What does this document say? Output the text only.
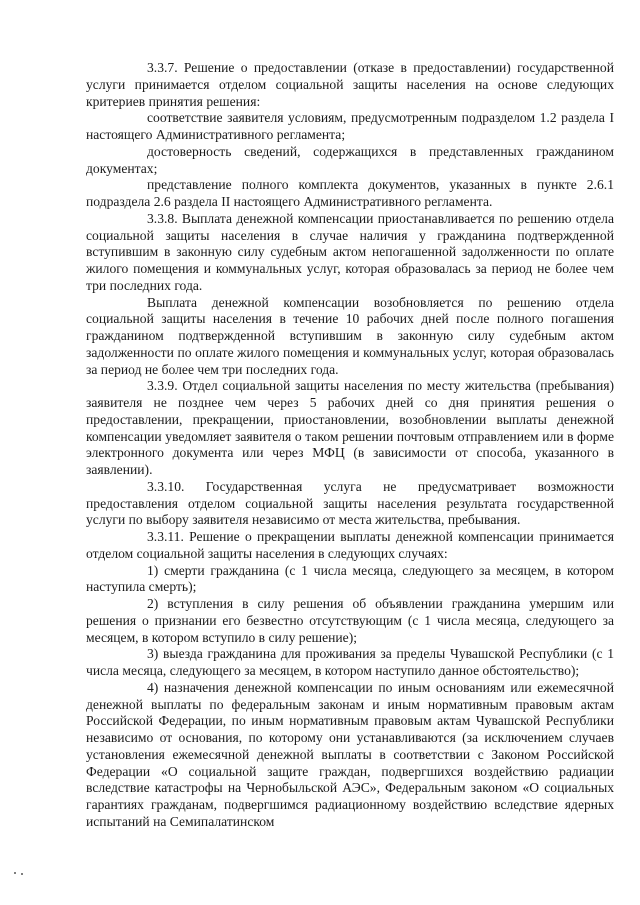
3.3.7. Решение о предоставлении (отказе в предоставлении) государственной услуги принимается отделом социальной защиты населения на основе следующих критериев принятия решения:

соответствие заявителя условиям, предусмотренным подразделом 1.2 раздела I настоящего Административного регламента;

достоверность сведений, содержащихся в представленных гражданином документах;

представление полного комплекта документов, указанных в пункте 2.6.1 подраздела 2.6 раздела II настоящего Административного регламента.

3.3.8. Выплата денежной компенсации приостанавливается по решению отдела социальной защиты населения в случае наличия у гражданина подтвержденной вступившим в законную силу судебным актом непогашенной задолженности по оплате жилого помещения и коммунальных услуг, которая образовалась за период не более чем три последних года.

Выплата денежной компенсации возобновляется по решению отдела социальной защиты населения в течение 10 рабочих дней после полного погашения гражданином подтвержденной вступившим в законную силу судебным актом задолженности по оплате жилого помещения и коммунальных услуг, которая образовалась за период не более чем три последних года.

3.3.9. Отдел социальной защиты населения по месту жительства (пребывания) заявителя не позднее чем через 5 рабочих дней со дня принятия решения о предоставлении, прекращении, приостановлении, возобновлении выплаты денежной компенсации уведомляет заявителя о таком решении почтовым отправлением или в форме электронного документа или через МФЦ (в зависимости от способа, указанного в заявлении).

3.3.10. Государственная услуга не предусматривает возможности предоставления отделом социальной защиты населения результата государственной услуги по выбору заявителя независимо от места жительства, пребывания.

3.3.11. Решение о прекращении выплаты денежной компенсации принимается отделом социальной защиты населения в следующих случаях:

1) смерти гражданина (с 1 числа месяца, следующего за месяцем, в котором наступила смерть);

2) вступления в силу решения об объявлении гражданина умершим или решения о признании его безвестно отсутствующим (с 1 числа месяца, следующего за месяцем, в котором вступило в силу решение);

3) выезда гражданина для проживания за пределы Чувашской Республики (с 1 числа месяца, следующего за месяцем, в котором наступило данное обстоятельство);

4) назначения денежной компенсации по иным основаниям или ежемесячной денежной выплаты по федеральным законам и иным нормативным правовым актам Российской Федерации, по иным нормативным правовым актам Чувашской Республики независимо от основания, по которому они устанавливаются (за исключением случаев установления ежемесячной денежной выплаты в соответствии с Законом Российской Федерации «О социальной защите граждан, подвергшихся воздействию радиации вследствие катастрофы на Чернобыльской АЭС», Федеральным законом «О социальных гарантиях гражданам, подвергшимся радиационному воздействию вследствие ядерных испытаний на Семипалатинском
